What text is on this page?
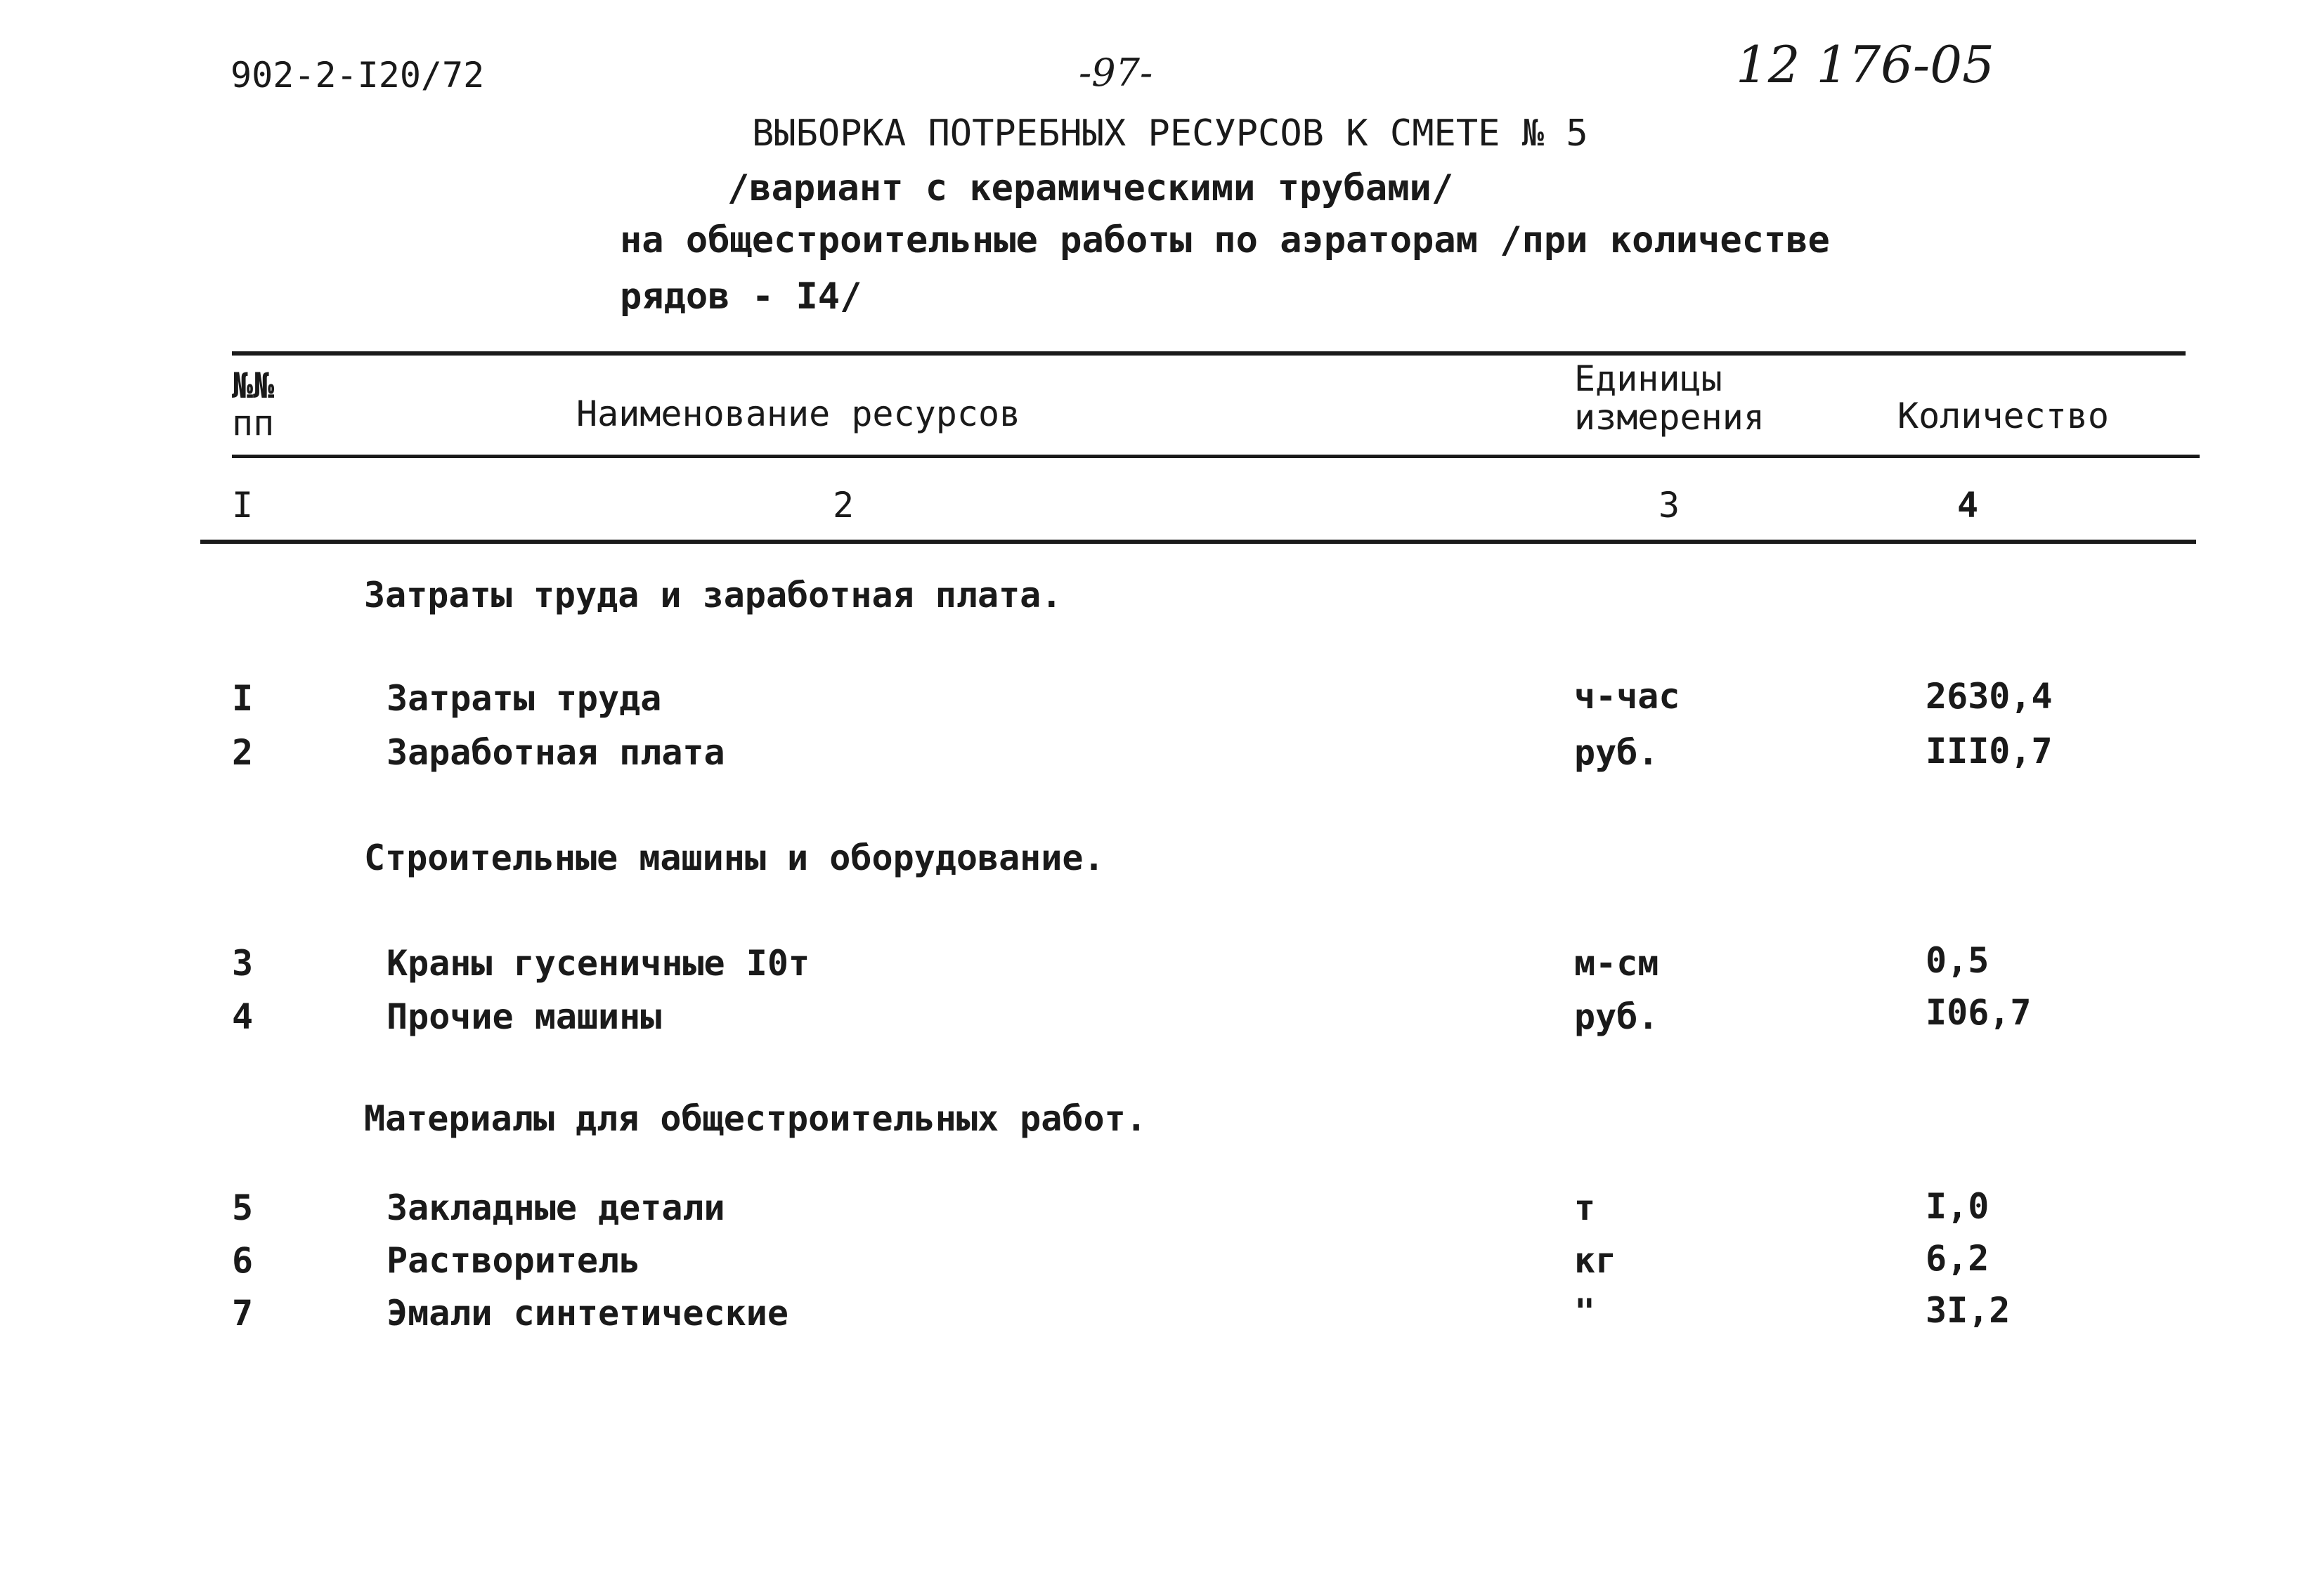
902-2-I20/72	-97-	12 176-05
ВЫБОРКА ПОТРЕБНЫХ РЕСУРСОВ К СМЕТЕ № 5
/вариант с керамическими трубами/
на общестроительные работы по аэраторам /при количестве
рядов - I4/
№№
пп	Наименование ресурсов
Единицы
измерения	Количество
I	2	3	4
Затраты труда и заработная плата.
I	Затраты труда	ч-час	2630,4
2	Заработная плата	руб.	III0,7
Строительные машины и оборудование.
3	Краны гусеничные I0т	м-см	0,5
4	Прочие машины	руб.	I06,7
Материалы для общестроительных работ.
5	Закладные детали	т	I,0
6	Растворитель	кг	6,2
7	Эмали синтетические	"	3I,2
